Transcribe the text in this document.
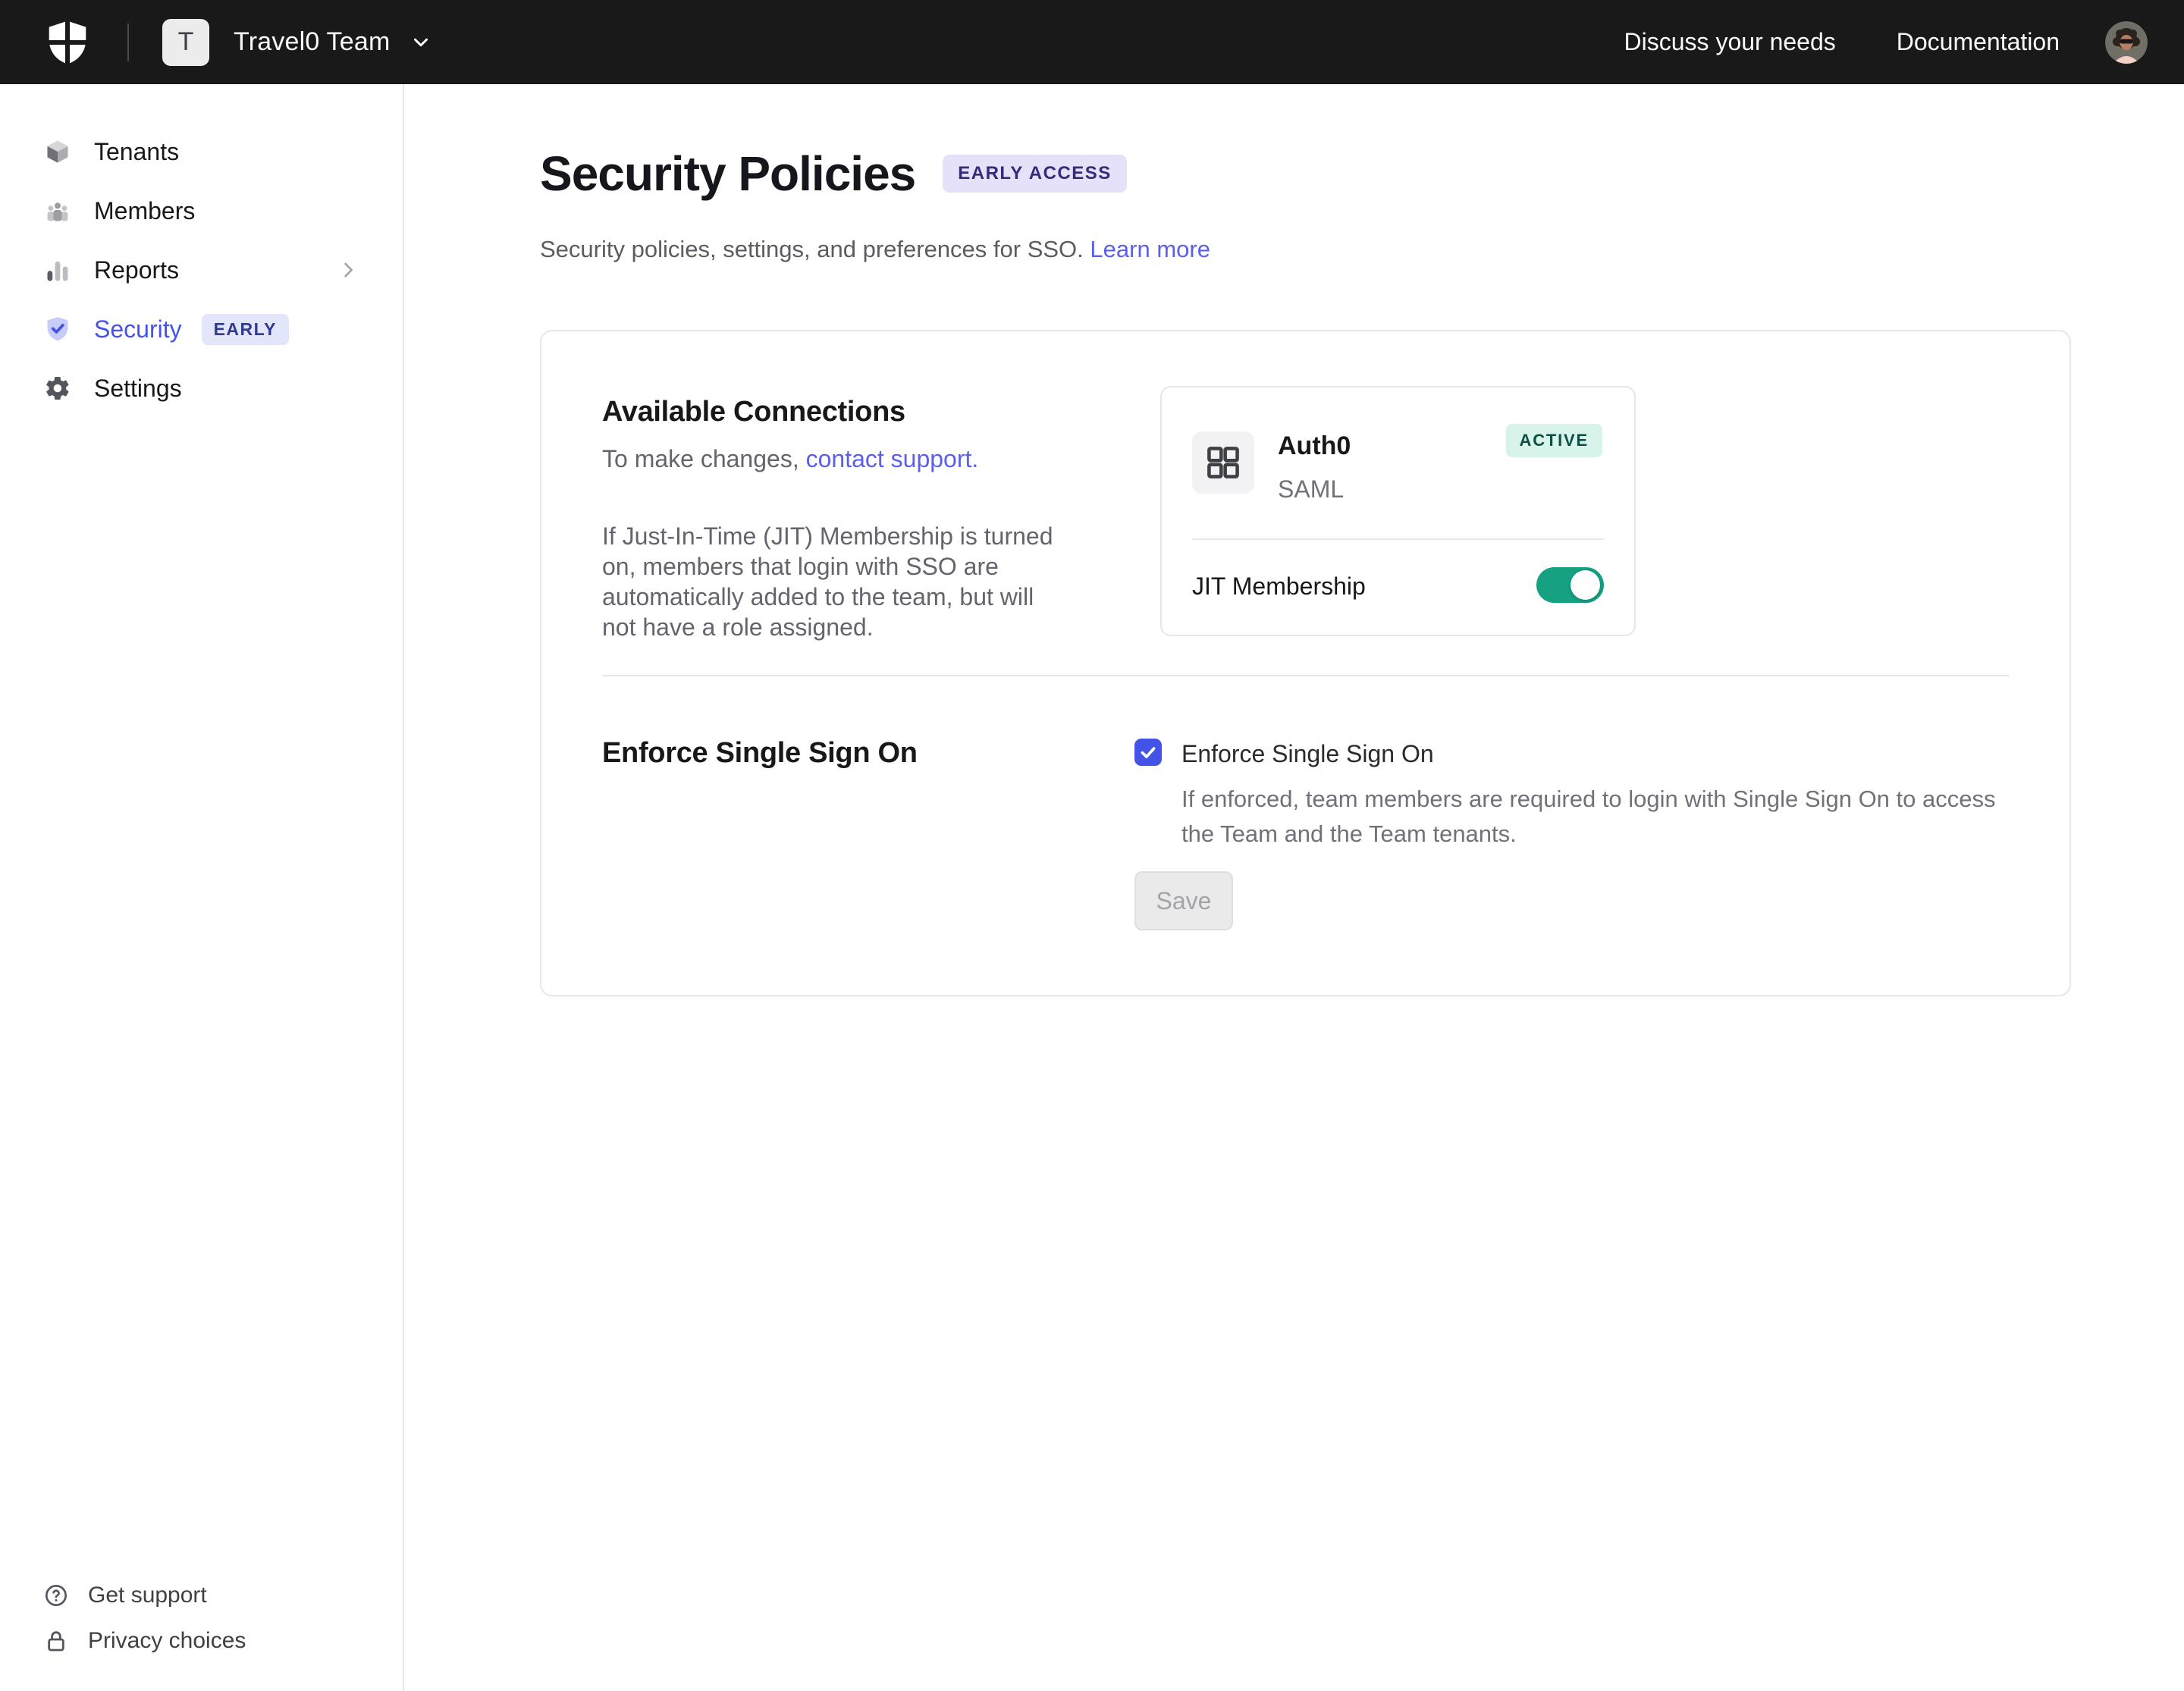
T	Travel0 Team	Discuss your needs	Documentation
Tenants
Members
Reports
Security	EARLY
Settings
Get support
Privacy choices
Security Policies	EARLY ACCESS

Security policies, settings, and preferences for SSO. Learn more

Available Connections

To make changes, contact support.

If Just-In-Time (JIT) Membership is turned on, members that login with SSO are automatically added to the team, but will not have a role assigned.

Auth0
SAML
ACTIVE
JIT Membership
Enforce Single Sign On	Enforce Single Sign On

If enforced, team members are required to login with Single Sign On to access the Team and the Team tenants.

Save
